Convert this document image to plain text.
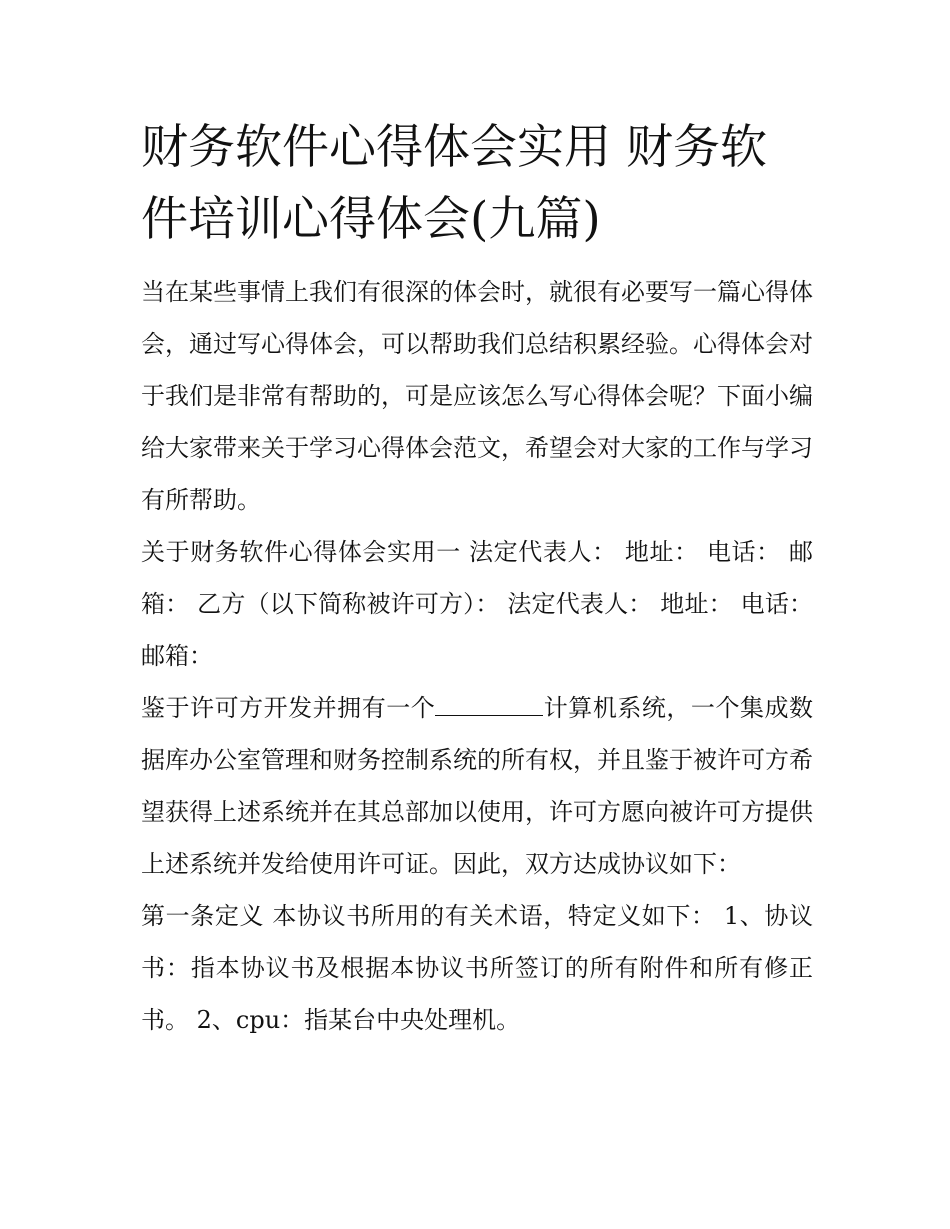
财务软件心得体会实用 财务软件培训心得体会(九篇)

当在某些事情上我们有很深的体会时，就很有必要写一篇心得体会，通过写心得体会，可以帮助我们总结积累经验。心得体会对于我们是非常有帮助的，可是应该怎么写心得体会呢？下面小编给大家带来关于学习心得体会范文，希望会对大家的工作与学习有所帮助。

关于财务软件心得体会实用一 法定代表人： 地址： 电话： 邮箱： 乙方（以下简称被许可方）： 法定代表人： 地址： 电话： 邮箱：

鉴于许可方开发并拥有一个	计算机系统，一个集成数据库办公室管理和财务控制系统的所有权，并且鉴于被许可方希望获得上述系统并在其总部加以使用，许可方愿向被许可方提供上述系统并发给使用许可证。因此，双方达成协议如下：

第一条定义 本协议书所用的有关术语，特定义如下： 1、协议书：指本协议书及根据本协议书所签订的所有附件和所有修正书。 2、cpu：指某台中央处理机。
